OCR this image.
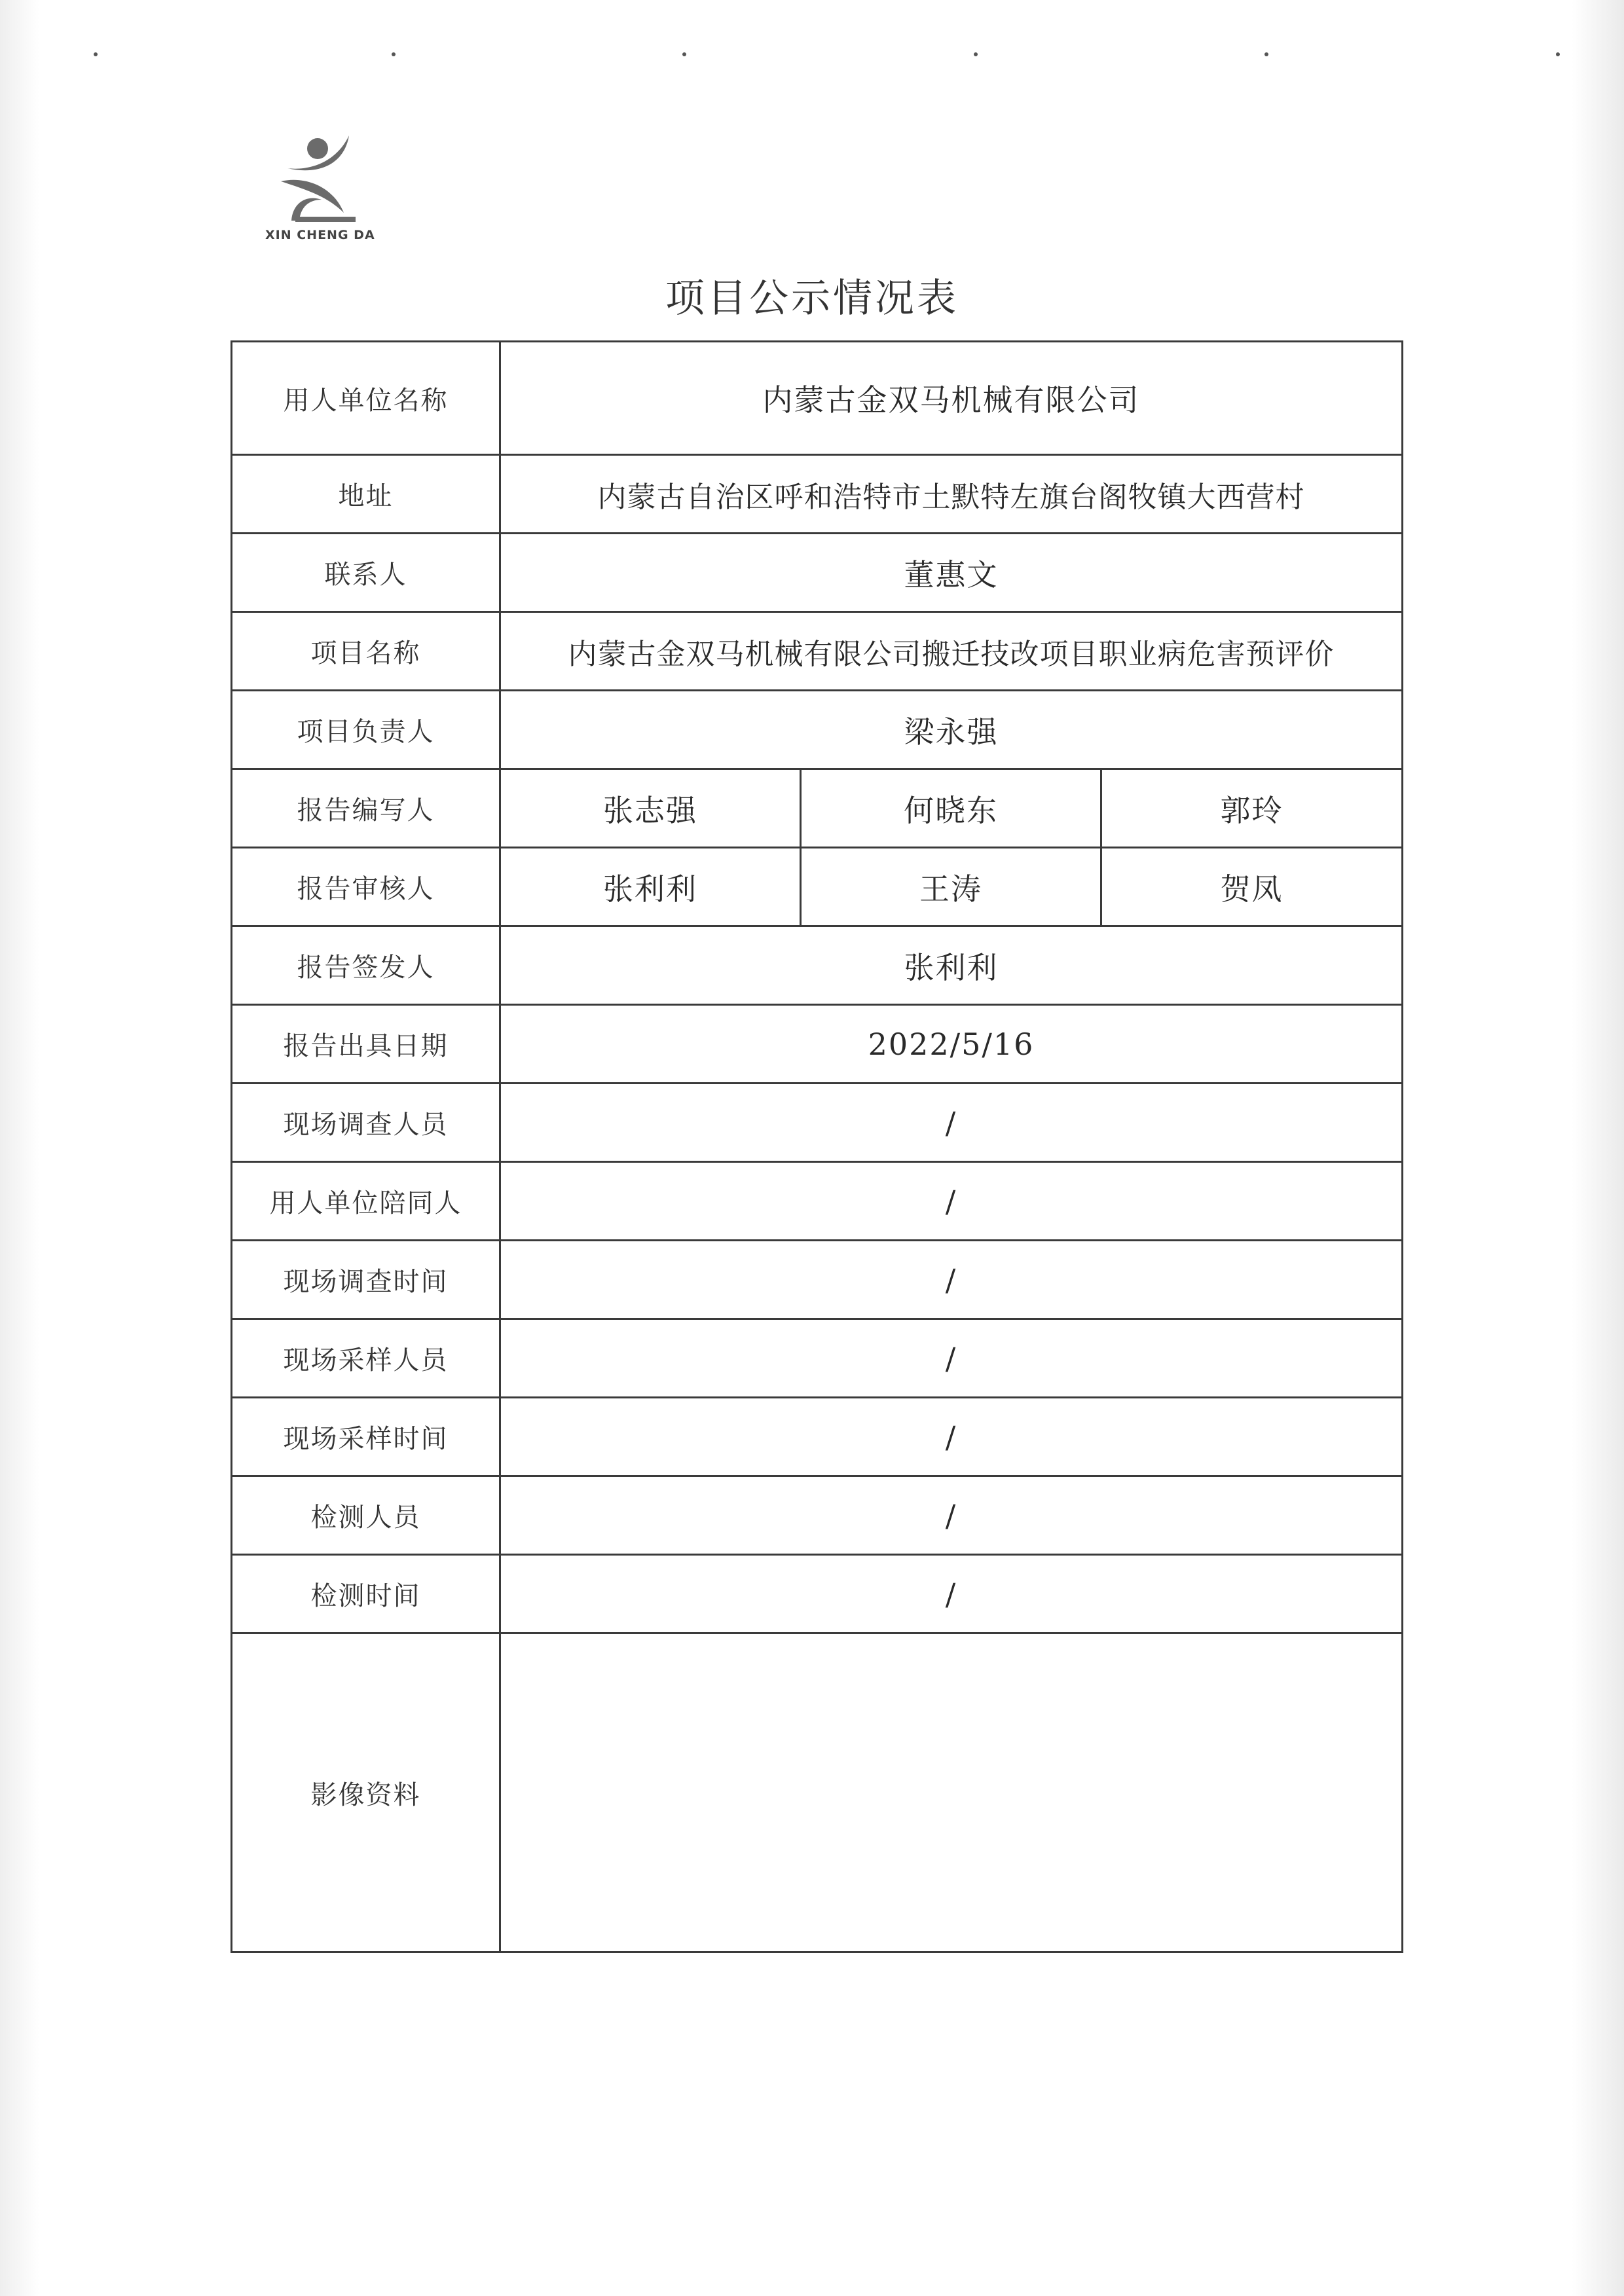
XIN CHENG DA
项目公示情况表
用人单位名称	内蒙古金双马机械有限公司		
地址	内蒙古自治区呼和浩特市土默特左旗台阁牧镇大西营村		
联系人	董惠文		
项目名称	内蒙古金双马机械有限公司搬迁技改项目职业病危害预评价		
项目负责人	梁永强		
报告编写人	张志强	何晓东	郭玲
报告审核人	张利利	王涛	贺凤
报告签发人	张利利		
报告出具日期	2022/5/16		
现场调查人员	/		
用人单位陪同人	/		
现场调查时间	/		
现场采样人员	/		
现场采样时间	/		
检测人员	/		
检测时间	/		
影像资料			
